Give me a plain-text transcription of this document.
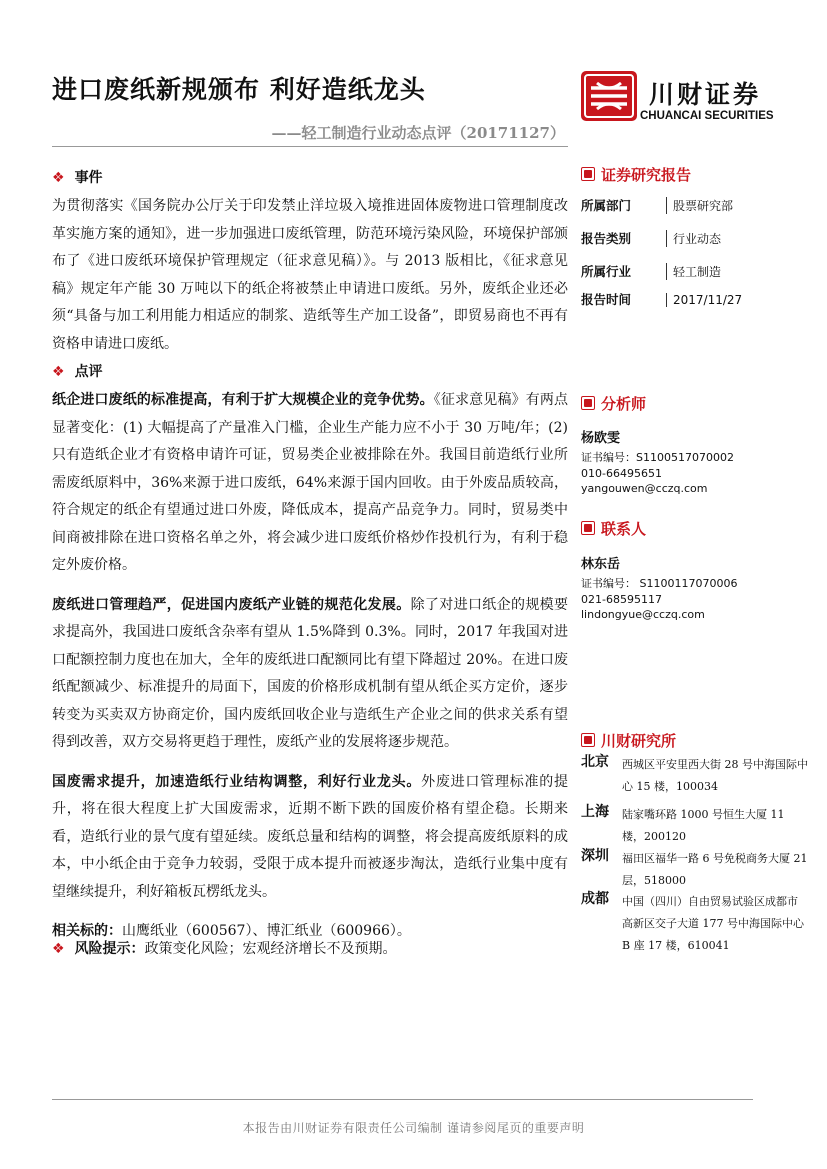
进口废纸新规颁布 利好造纸龙头
——轻工制造行业动态点评（20171127）
川财证券
CHUANCAI SECURITIES
❖ 事件

为贯彻落实《国务院办公厅关于印发禁止洋垃圾入境推进固体废物进口管理制度改革实施方案的通知》，进一步加强进口废纸管理，防范环境污染风险，环境保护部颁布了《进口废纸环境保护管理规定（征求意见稿）》。与 2013 版相比，《征求意见稿》规定年产能 30 万吨以下的纸企将被禁止申请进口废纸。另外，废纸企业还必须“具备与加工利用能力相适应的制浆、造纸等生产加工设备”，即贸易商也不再有资格申请进口废纸。

❖ 点评

纸企进口废纸的标准提高，有利于扩大规模企业的竞争优势。《征求意见稿》有两点显著变化：(1) 大幅提高了产量准入门槛，企业生产能力应不小于 30 万吨/年；(2) 只有造纸企业才有资格申请许可证，贸易类企业被排除在外。我国目前造纸行业所需废纸原料中，36%来源于进口废纸，64%来源于国内回收。由于外废品质较高，符合规定的纸企有望通过进口外废，降低成本，提高产品竞争力。同时，贸易类中间商被排除在进口资格名单之外，将会减少进口废纸价格炒作投机行为，有利于稳定外废价格。

废纸进口管理趋严，促进国内废纸产业链的规范化发展。除了对进口纸企的规模要求提高外，我国进口废纸含杂率有望从 1.5%降到 0.3%。同时，2017 年我国对进口配额控制力度也在加大，全年的废纸进口配额同比有望下降超过 20%。在进口废纸配额减少、标准提升的局面下，国废的价格形成机制有望从纸企买方定价，逐步转变为买卖双方协商定价，国内废纸回收企业与造纸生产企业之间的供求关系有望得到改善，双方交易将更趋于理性，废纸产业的发展将逐步规范。

国废需求提升，加速造纸行业结构调整，利好行业龙头。外废进口管理标准的提升，将在很大程度上扩大国废需求，近期不断下跌的国废价格有望企稳。长期来看，造纸行业的景气度有望延续。废纸总量和结构的调整，将会提高废纸原料的成本，中小纸企由于竞争力较弱，受限于成本提升而被逐步淘汰，造纸行业集中度有望继续提升，利好箱板瓦楞纸龙头。

相关标的：山鹰纸业（600567）、博汇纸业（600966）。

❖ 风险提示：政策变化风险；宏观经济增长不及预期。
证券研究报告
所属部门	股票研究部
报告类别	行业动态
所属行业	轻工制造
报告时间	2017/11/27
分析师
杨欧雯
证书编号：S1100517070002
010-66495651
yangouwen@cczq.com
联系人
林东岳
证书编号： S1100117070006
021-68595117
lindongyue@cczq.com
川财研究所
北京 西城区平安里西大街 28 号中海国际中心 15 楼，100034
上海 陆家嘴环路 1000 号恒生大厦 11 楼，200120
深圳 福田区福华一路 6 号免税商务大厦 21 层，518000
成都 中国（四川）自由贸易试验区成都市高新区交子大道 177 号中海国际中心 B 座 17 楼，610041
本报告由川财证券有限责任公司编制 谨请参阅尾页的重要声明
